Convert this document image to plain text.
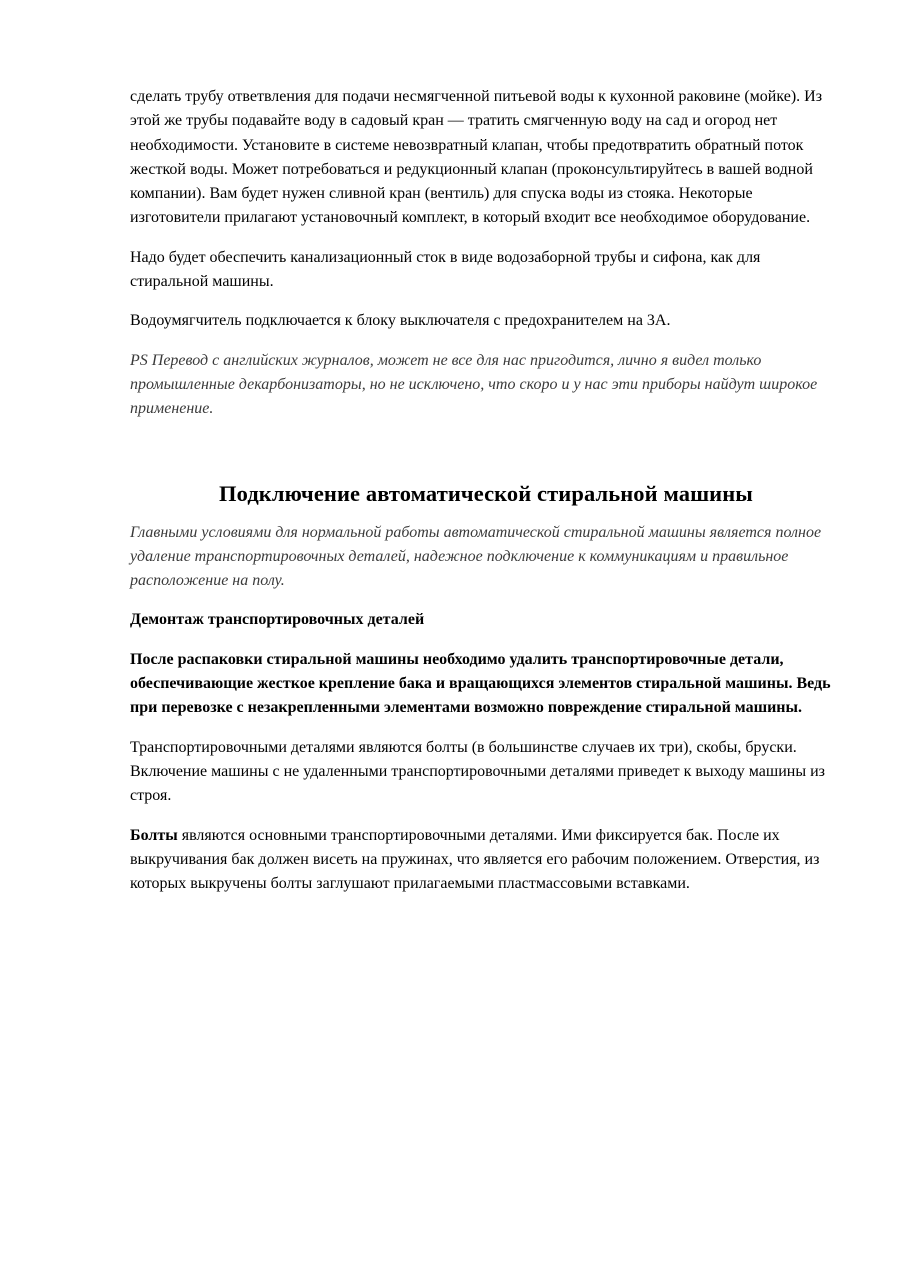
сделать трубу ответвления для подачи несмягченной питьевой воды к кухонной раковине (мойке). Из этой же трубы подавайте воду в садовый кран — тратить смягченную воду на сад и огород нет необходимости. Установите в системе невозвратный клапан, чтобы предотвратить обратный поток жесткой воды. Может потребоваться и редукционный клапан (проконсультируйтесь в вашей водной компании). Вам будет нужен сливной кран (вентиль) для спуска воды из стояка. Некоторые изготовители прилагают установочный комплект, в который входит все необходимое оборудование.

Надо будет обеспечить канализационный сток в виде водозаборной трубы и сифона, как для стиральной машины.

Водоумягчитель подключается к блоку выключателя с предохранителем на 3А.

PS Перевод с английских журналов, может не все для нас пригодится, лично я видел только промышленные декарбонизаторы, но не исключено, что скоро и у нас эти приборы найдут широкое применение.

Подключение автоматической стиральной машины

Главными условиями для нормальной работы автоматической стиральной машины является полное удаление транспортировочных деталей, надежное подключение к коммуникациям и правильное расположение на полу.

Демонтаж транспортировочных деталей

После распаковки стиральной машины необходимо удалить транспортировочные детали, обеспечивающие жесткое крепление бака и вращающихся элементов стиральной машины. Ведь при перевозке с незакрепленными элементами возможно повреждение стиральной машины.

Транспортировочными деталями являются болты (в большинстве случаев их три), скобы, бруски. Включение машины с не удаленными транспортировочными деталями приведет к выходу машины из строя.

Болты являются основными транспортировочными деталями. Ими фиксируется бак. После их выкручивания бак должен висеть на пружинах, что является его рабочим положением. Отверстия, из которых выкручены болты заглушают прилагаемыми пластмассовыми вставками.
